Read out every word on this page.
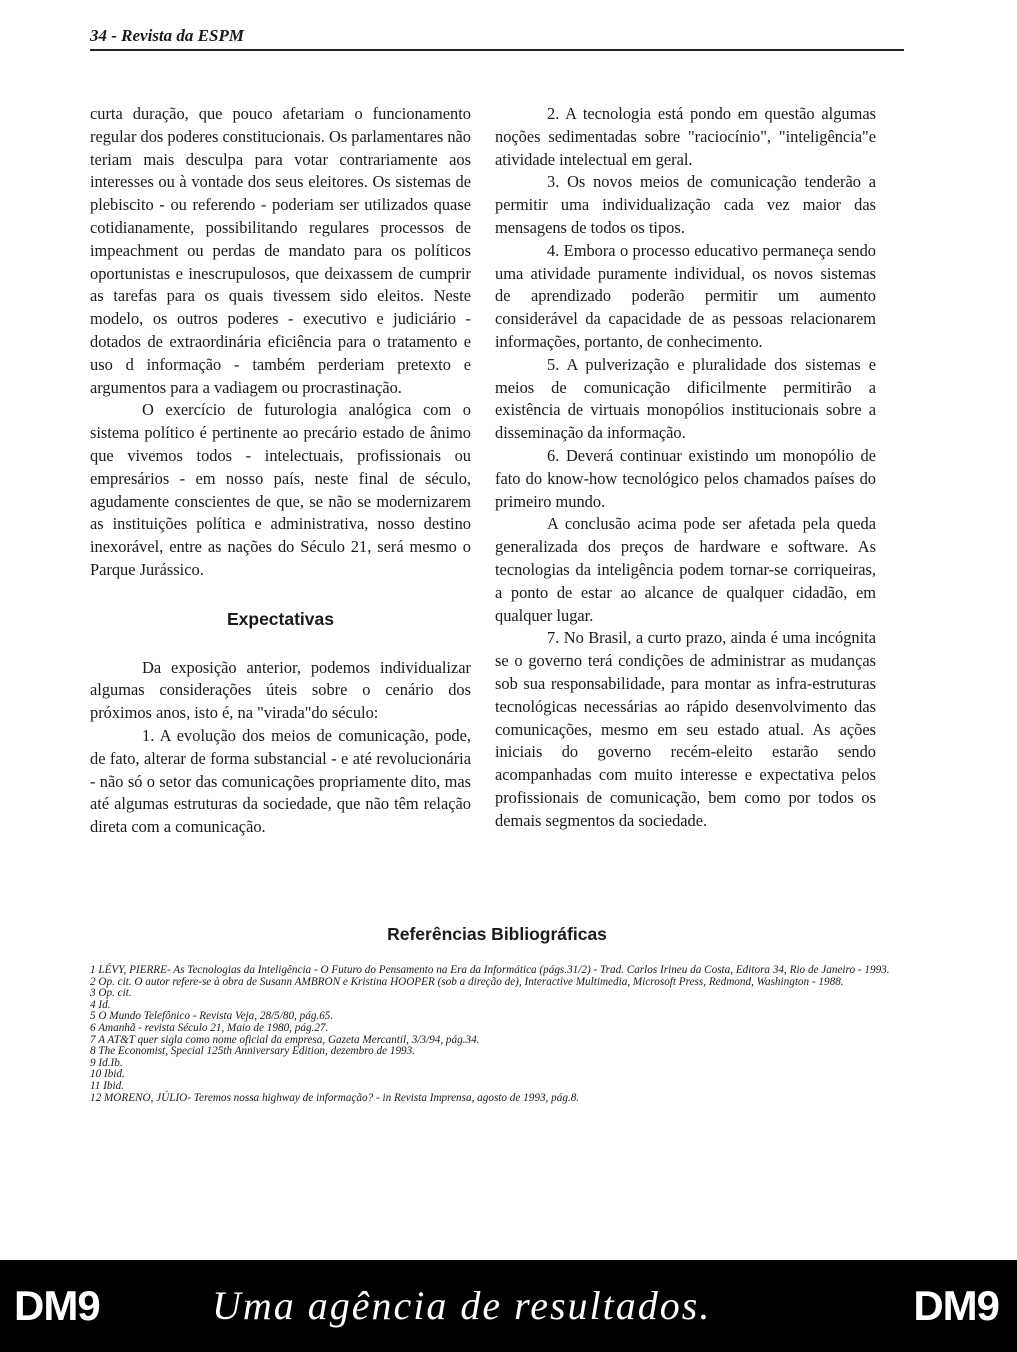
34 - Revista da ESPM

curta duração, que pouco afetariam o funcionamento regular dos poderes constitucionais. Os parlamentares não teriam mais desculpa para votar contrariamente aos interesses ou à vontade dos seus eleitores. Os sistemas de plebiscito - ou referendo - poderiam ser utilizados quase cotidianamente, possibilitando regulares processos de impeachment ou perdas de mandato para os políticos oportunistas e inescrupulosos, que deixassem de cumprir as tarefas para os quais tivessem sido eleitos. Neste modelo, os outros poderes - executivo e judiciário - dotados de extraordinária eficiência para o tratamento e uso d informação - também perderiam pretexto e argumentos para a vadiagem ou procrastinação.

O exercício de futurologia analógica com o sistema político é pertinente ao precário estado de ânimo que vivemos todos - intelectuais, profissionais ou empresários - em nosso país, neste final de século, agudamente conscientes de que, se não se modernizarem as instituições política e administrativa, nosso destino inexorável, entre as nações do Século 21, será mesmo o Parque Jurássico.

Expectativas

Da exposição anterior, podemos individualizar algumas considerações úteis sobre o cenário dos próximos anos, isto é, na "virada"do século:

1. A evolução dos meios de comunicação, pode, de fato, alterar de forma substancial - e até revolucionária - não só o setor das comunicações propriamente dito, mas até algumas estruturas da sociedade, que não têm relação direta com a comunicação.

2. A tecnologia está pondo em questão algumas noções sedimentadas sobre "raciocínio", "inteligência"e atividade intelectual em geral.

3. Os novos meios de comunicação tenderão a permitir uma individualização cada vez maior das mensagens de todos os tipos.

4. Embora o processo educativo permaneça sendo uma atividade puramente individual, os novos sistemas de aprendizado poderão permitir um aumento considerável da capacidade de as pessoas relacionarem informações, portanto, de conhecimento.

5. A pulverização e pluralidade dos sistemas e meios de comunicação dificilmente permitirão a existência de virtuais monopólios institucionais sobre a disseminação da informação.

6. Deverá continuar existindo um monopólio de fato do know-how tecnológico pelos chamados países do primeiro mundo.

A conclusão acima pode ser afetada pela queda generalizada dos preços de hardware e software. As tecnologias da inteligência podem tornar-se corriqueiras, a ponto de estar ao alcance de qualquer cidadão, em qualquer lugar.

7. No Brasil, a curto prazo, ainda é uma incógnita se o governo terá condições de administrar as mudanças sob sua responsabilidade, para montar as infra-estruturas tecnológicas necessárias ao rápido desenvolvimento das comunicações, mesmo em seu estado atual. As ações iniciais do governo recém-eleito estarão sendo acompanhadas com muito interesse e expectativa pelos profissionais de comunicação, bem como por todos os demais segmentos da sociedade.

Referências Bibliográficas
1 LÉVY, PIERRE- As Tecnologias da Inteligência - O Futuro do Pensamento na Era da Informática (págs.31/2) - Trad. Carlos Irineu da Costa, Editora 34, Rio de Janeiro - 1993.
2 Op. cit. O autor refere-se à obra de Susann AMBRON e Kristina HOOPER (sob a direção de), Interactive Multimedia, Microsoft Press, Redmond, Washington - 1988.
3 Op. cit.
4 Id.
5 O Mundo Telefônico - Revista Veja, 28/5/80, pág.65.
6 Amanhã - revista Século 21, Maio de 1980, pág.27.
7 A AT&T quer sigla como nome oficial da empresa, Gazeta Mercantil, 3/3/94, pág.34.
8 The Economist, Special 125th Anniversary Edition, dezembro de 1993.
9 Id.Ib.
10 Ibid.
11 Ibid.
12 MORENO, JÚLIO- Teremos nossa highway de informação? - in Revista Imprensa, agosto de 1993, pág.8.
DM9	Uma agência de resultados.	DM9
